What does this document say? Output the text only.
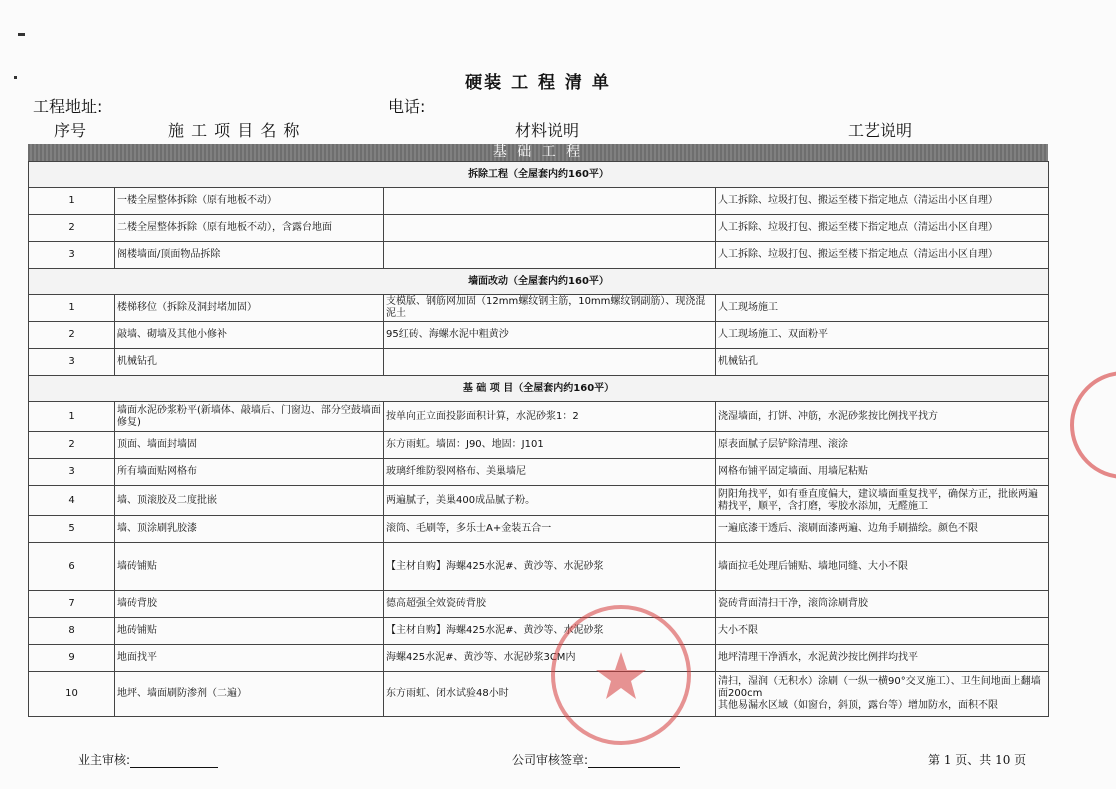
硬装 工 程 清 单
工程地址:	电话:
序号	施 工 项 目 名 称	材料说明	工艺说明
基 础 工 程
拆除工程（全屋套内约160平）			
1	一楼全屋整体拆除（原有地板不动）		人工拆除、垃圾打包、搬运至楼下指定地点（清运出小区自理）
2	二楼全屋整体拆除（原有地板不动），含露台地面		人工拆除、垃圾打包、搬运至楼下指定地点（清运出小区自理）
3	阁楼墙面/顶面物品拆除		人工拆除、垃圾打包、搬运至楼下指定地点（清运出小区自理）
墙面改动（全屋套内约160平）			
1	楼梯移位（拆除及洞封堵加固）	支模版、钢筋网加固（12mm螺纹钢主筋，10mm螺纹钢副筋）、现浇混泥土	人工现场施工
2	敲墙、砌墙及其他小修补	95红砖、海螺水泥中粗黄沙	人工现场施工、双面粉平
3	机械钻孔		机械钻孔
基 础 项 目（全屋套内约160平）			
1	墙面水泥砂浆粉平(新墙体、敲墙后、门窗边、部分空鼓墙面修复)	按单向正立面投影面积计算，水泥砂浆1：2	浇湿墙面，打饼、冲筋，水泥砂浆按比例找平找方
2	顶面、墙面封墙固	东方雨虹。墙固：J90、地固：J101	原表面腻子层铲除清理、滚涂
3	所有墙面贴网格布	玻璃纤维防裂网格布、美巢墙尼	网格布铺平固定墙面、用墙尼粘贴
4	墙、顶滚胶及二度批嵌	两遍腻子，美巢400成品腻子粉。	阴阳角找平，如有垂直度偏大，建议墙面重复找平，确保方正，批嵌两遍精找平，顺平，含打磨，零胶水添加，无醛施工
5	墙、顶涂刷乳胶漆	滚筒、毛刷等，多乐士A+金装五合一	一遍底漆干透后、滚刷面漆两遍、边角手刷描绘。颜色不限
6	墙砖铺贴	【主材自购】海螺425水泥#、黄沙等、水泥砂浆	墙面拉毛处理后铺贴、墙地同缝、大小不限
7	墙砖背胶	德高超强全效瓷砖背胶	瓷砖背面清扫干净，滚筒涂刷背胶
8	地砖铺贴	【主材自购】海螺425水泥#、黄沙等、水泥砂浆	大小不限
9	地面找平	海螺425水泥#、黄沙等、水泥砂浆3CM内	地坪清理干净洒水，水泥黄沙按比例拌均找平
10	地坪、墙面刷防渗剂（二遍）	东方雨虹、闭水试验48小时	清扫，湿润（无积水）涂刷（一纵一横90°交叉施工）、卫生间地面上翻墙面200cm
其他易漏水区域（如窗台，斜顶，露台等）增加防水，面积不限
业主审核:	公司审核签章:	第 1 页、共 10 页
